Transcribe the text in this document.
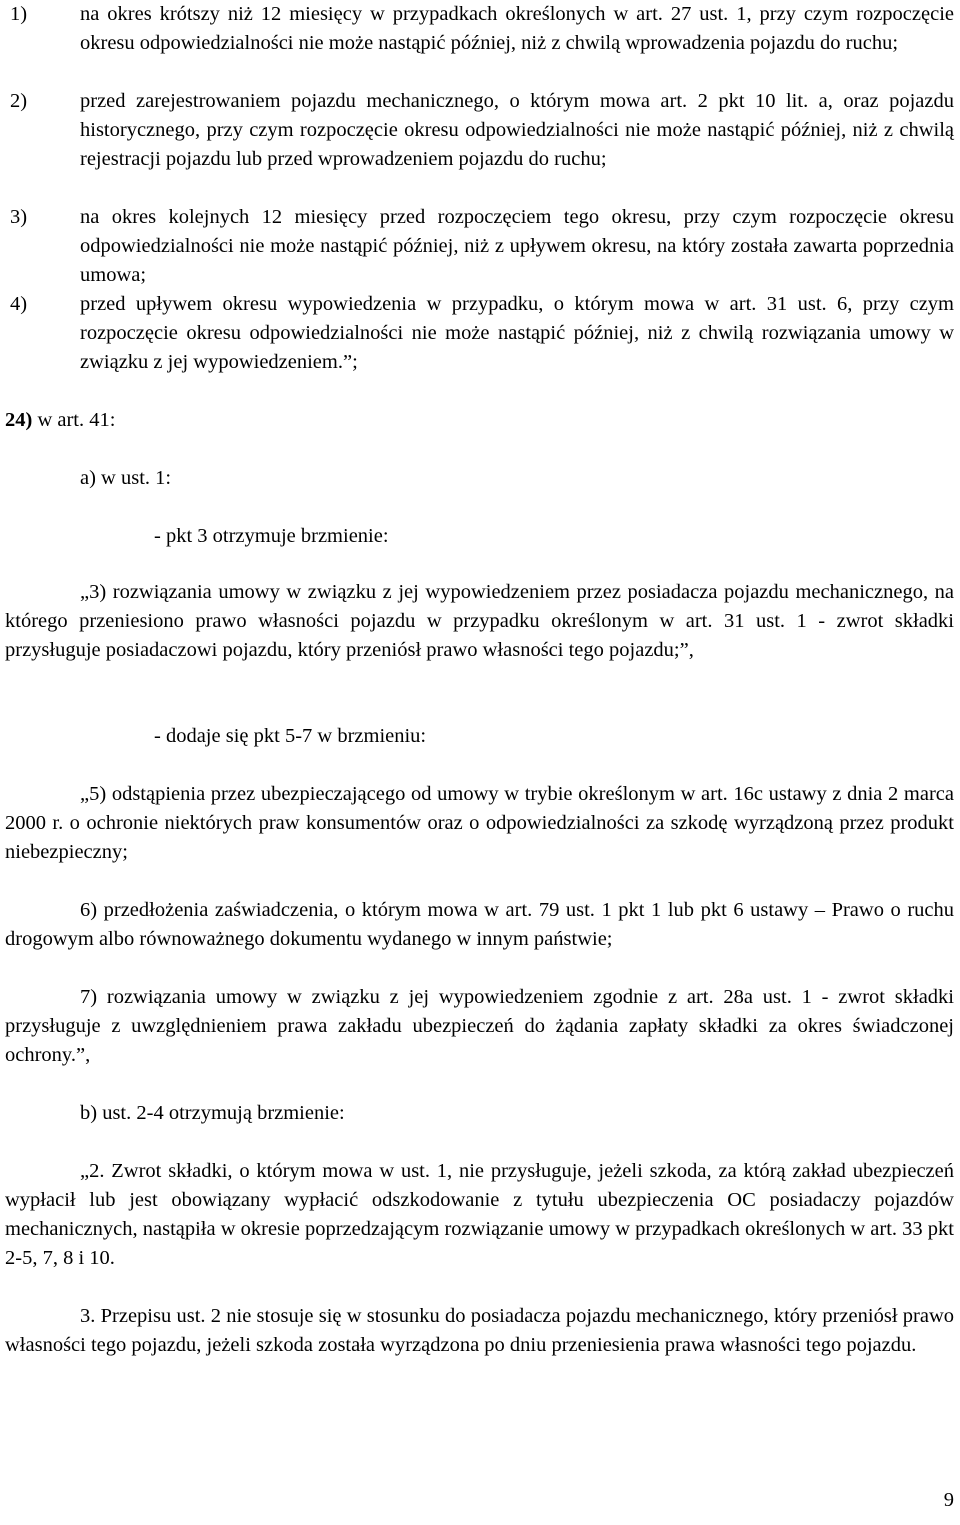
1)	na okres krótszy niż 12 miesięcy w przypadkach określonych w art. 27 ust. 1, przy czym rozpoczęcie okresu odpowiedzialności nie może nastąpić później, niż z chwilą wprowadzenia pojazdu do ruchu;

2)	przed zarejestrowaniem pojazdu mechanicznego, o którym mowa art. 2 pkt 10 lit. a, oraz pojazdu historycznego, przy czym rozpoczęcie okresu odpowiedzialności nie może nastąpić później, niż z chwilą rejestracji pojazdu lub przed wprowadzeniem pojazdu do ruchu;

3)	na okres kolejnych 12 miesięcy przed rozpoczęciem tego okresu, przy czym rozpoczęcie okresu odpowiedzialności nie może nastąpić później, niż z upływem okresu, na który została zawarta poprzednia umowa;

4)	przed upływem okresu wypowiedzenia w przypadku, o którym mowa w art. 31 ust. 6, przy czym rozpoczęcie okresu odpowiedzialności nie może nastąpić później, niż z chwilą rozwiązania umowy w związku z jej wypowiedzeniem.”;

24) w art. 41:
a) w ust. 1:
- pkt 3 otrzymuje brzmienie:

„3) rozwiązania umowy w związku z jej wypowiedzeniem przez posiadacza pojazdu mechanicznego, na którego przeniesiono prawo własności pojazdu w przypadku określonym w art. 31 ust. 1 - zwrot składki przysługuje posiadaczowi pojazdu, który przeniósł prawo własności tego pojazdu;”,

- dodaje się pkt 5-7 w brzmieniu:

„5) odstąpienia przez ubezpieczającego od umowy w trybie określonym w art. 16c ustawy z dnia 2 marca 2000 r. o ochronie niektórych praw konsumentów oraz o odpowiedzialności za szkodę wyrządzoną przez produkt niebezpieczny;

6) przedłożenia zaświadczenia, o którym mowa w art. 79 ust. 1 pkt 1 lub pkt 6 ustawy – Prawo o ruchu drogowym albo równoważnego dokumentu wydanego w innym państwie;

7) rozwiązania umowy w związku z jej wypowiedzeniem zgodnie z art. 28a ust. 1 - zwrot składki przysługuje z uwzględnieniem prawa zakładu ubezpieczeń do żądania zapłaty składki za okres świadczonej ochrony.”,

b) ust. 2-4 otrzymują brzmienie:

„2. Zwrot składki, o którym mowa w ust. 1, nie przysługuje, jeżeli szkoda, za którą zakład ubezpieczeń wypłacił lub jest obowiązany wypłacić odszkodowanie z tytułu ubezpieczenia OC posiadaczy pojazdów mechanicznych, nastąpiła w okresie poprzedzającym rozwiązanie umowy w przypadkach określonych w art. 33 pkt 2-5, 7, 8 i 10.

3. Przepisu ust. 2 nie stosuje się w stosunku do posiadacza pojazdu mechanicznego, który przeniósł prawo własności tego pojazdu, jeżeli szkoda została wyrządzona po dniu przeniesienia prawa własności tego pojazdu.

9
